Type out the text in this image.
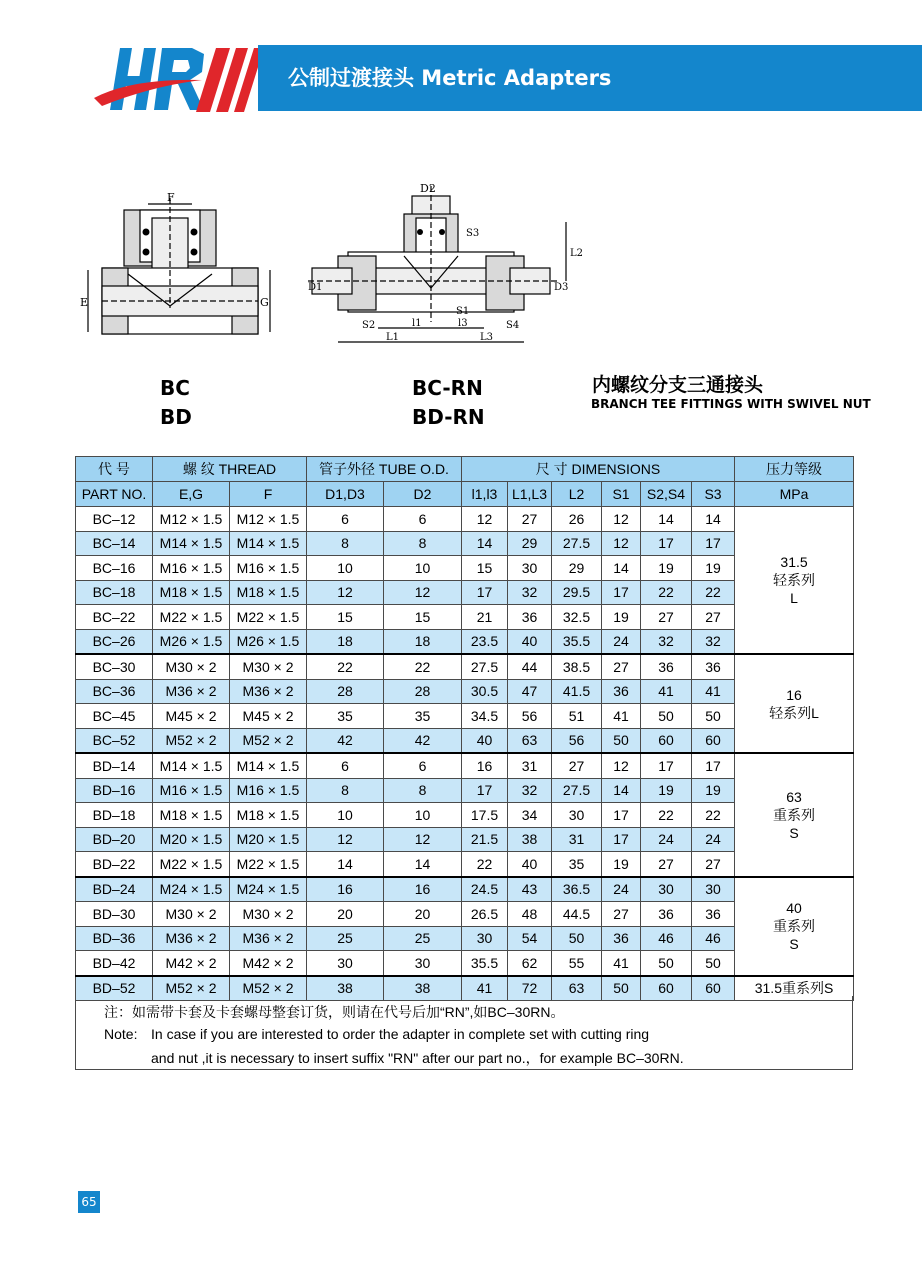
公制过渡接头 Metric Adapters
F
E	G
D2
S3
L2
D1	D3
S2	l1
S1
l3	S4
L1	L3
BC
BD
BC-RN
BD-RN
内螺纹分支三通接头
BRANCH TEE FITTINGS WITH SWIVEL NUT
代 号	螺 纹 THREAD		管子外径 TUBE O.D.		尺 寸 DIMENSIONS						压力等级
PART NO.	E,G	F	D1,D3	D2	l1,l3	L1,L3	L2	S1	S2,S4	S3	MPa
BC–12	M12 × 1.5	M12 × 1.5	6	6	12	27	26	12	14	14	31.5
轻系列
L

BC–14	M14 × 1.5	M14 × 1.5	8	8	14	29	27.5	12	17	17	
BC–16	M16 × 1.5	M16 × 1.5	10	10	15	30	29	14	19	19	
BC–18	M18 × 1.5	M18 × 1.5	12	12	17	32	29.5	17	22	22	
BC–22	M22 × 1.5	M22 × 1.5	15	15	21	36	32.5	19	27	27	
BC–26	M26 × 1.5	M26 × 1.5	18	18	23.5	40	35.5	24	32	32	
BC–30	M30 × 2	M30 × 2	22	22	27.5	44	38.5	27	36	36	16
轻系列L

BC–36	M36 × 2	M36 × 2	28	28	30.5	47	41.5	36	41	41	
BC–45	M45 × 2	M45 × 2	35	35	34.5	56	51	41	50	50	
BC–52	M52 × 2	M52 × 2	42	42	40	63	56	50	60	60	
BD–14	M14 × 1.5	M14 × 1.5	6	6	16	31	27	12	17	17	63
重系列
S

BD–16	M16 × 1.5	M16 × 1.5	8	8	17	32	27.5	14	19	19	
BD–18	M18 × 1.5	M18 × 1.5	10	10	17.5	34	30	17	22	22	
BD–20	M20 × 1.5	M20 × 1.5	12	12	21.5	38	31	17	24	24	
BD–22	M22 × 1.5	M22 × 1.5	14	14	22	40	35	19	27	27	
BD–24	M24 × 1.5	M24 × 1.5	16	16	24.5	43	36.5	24	30	30	40
重系列
S

BD–30	M30 × 2	M30 × 2	20	20	26.5	48	44.5	27	36	36	
BD–36	M36 × 2	M36 × 2	25	25	30	54	50	36	46	46	
BD–42	M42 × 2	M42 × 2	30	30	35.5	62	55	41	50	50	
BD–52	M52 × 2	M52 × 2	38	38	41	72	63	50	60	60	31.5重系列S
注：如需带卡套及卡套螺母整套订货，则请在代号后加“RN”,如BC–30RN。
Note: In case if you are interested to order the adapter in complete set with cutting ring
and nut ,it is necessary to insert suffix "RN" after our part no.，for example BC–30RN.
65
